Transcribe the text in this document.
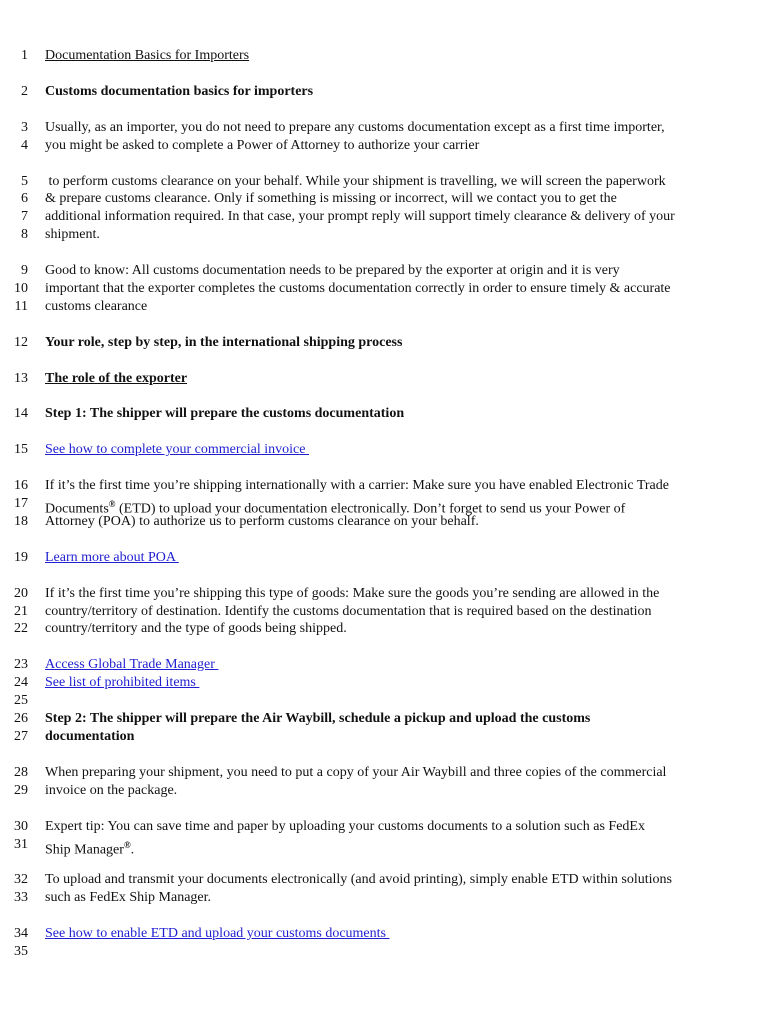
1 Documentation Basics for Importers
2 Customs documentation basics for importers
3 Usually, as an importer, you do not need to prepare any customs documentation except as a first time importer,
4 you might be asked to complete a Power of Attorney to authorize your carrier
5 to perform customs clearance on your behalf. While your shipment is travelling, we will screen the paperwork
6 & prepare customs clearance. Only if something is missing or incorrect, will we contact you to get the
7 additional information required. In that case, your prompt reply will support timely clearance & delivery of your
8 shipment.
9 Good to know: All customs documentation needs to be prepared by the exporter at origin and it is very
10 important that the exporter completes the customs documentation correctly in order to ensure timely & accurate
11 customs clearance
12 Your role, step by step, in the international shipping process
13 The role of the exporter
14 Step 1: The shipper will prepare the customs documentation
15 See how to complete your commercial invoice
16 If it’s the first time you’re shipping internationally with a carrier: Make sure you have enabled Electronic Trade
17 Documents® (ETD) to upload your documentation electronically. Don’t forget to send us your Power of
18 Attorney (POA) to authorize us to perform customs clearance on your behalf.
19 Learn more about POA
20 If it’s the first time you’re shipping this type of goods: Make sure the goods you’re sending are allowed in the
21 country/territory of destination. Identify the customs documentation that is required based on the destination
22 country/territory and the type of goods being shipped.
23 Access Global Trade Manager
24 See list of prohibited items
25
26 Step 2: The shipper will prepare the Air Waybill, schedule a pickup and upload the customs
27 documentation
28 When preparing your shipment, you need to put a copy of your Air Waybill and three copies of the commercial
29 invoice on the package.
30 Expert tip: You can save time and paper by uploading your customs documents to a solution such as FedEx
31 Ship Manager®.
32 To upload and transmit your documents electronically (and avoid printing), simply enable ETD within solutions
33 such as FedEx Ship Manager.
34 See how to enable ETD and upload your customs documents
35
